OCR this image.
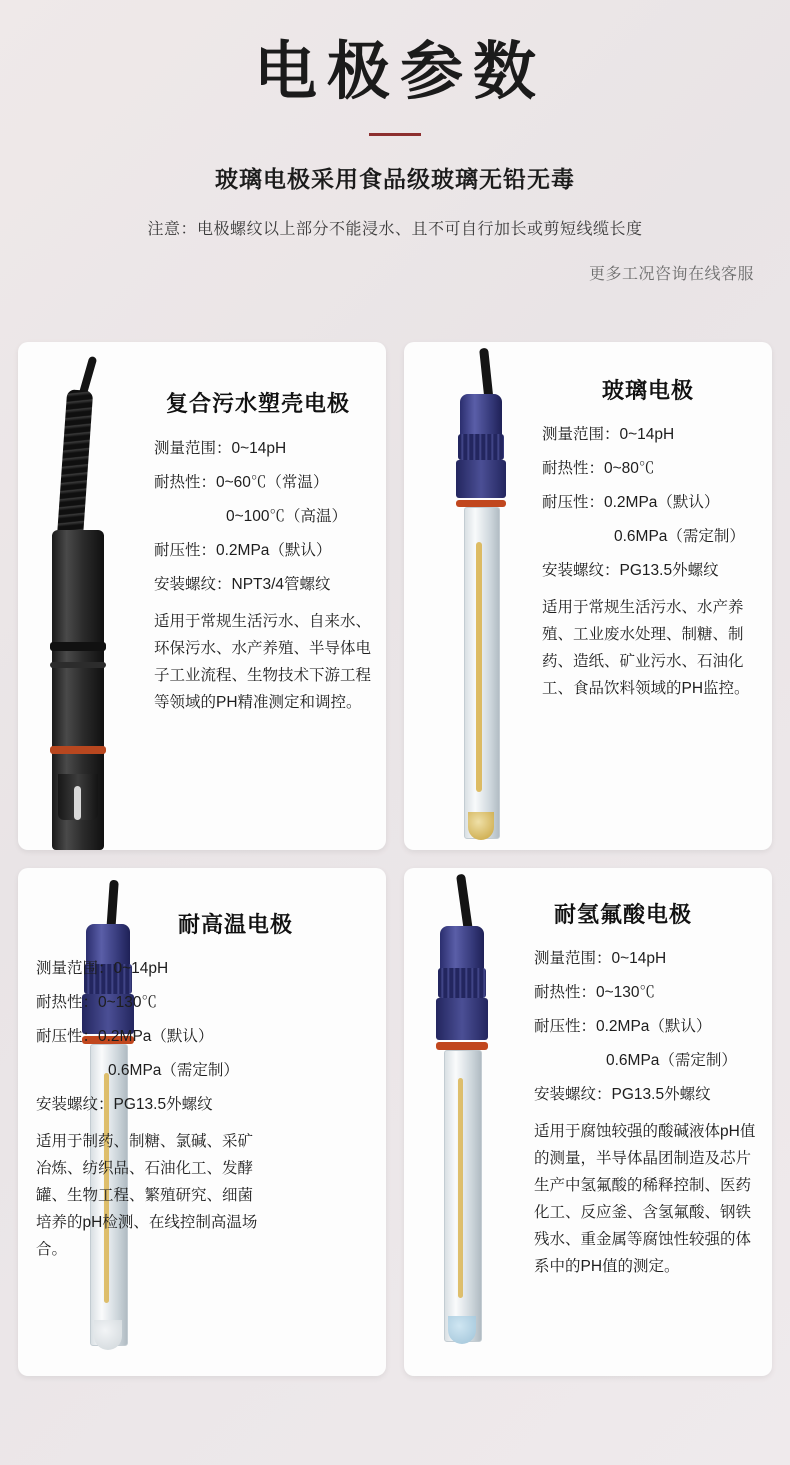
电极参数
玻璃电极采用食品级玻璃无铅无毒
注意：电极螺纹以上部分不能浸水、且不可自行加长或剪短线缆长度
更多工况咨询在线客服
复合污水塑壳电极
测量范围：0~14pH
耐热性：0~60℃（常温）
0~100℃（高温）
耐压性：0.2MPa（默认）
安装螺纹：NPT3/4管螺纹
适用于常规生活污水、自来水、环保污水、水产养殖、半导体电子工业流程、生物技术下游工程等领域的PH精准测定和调控。
玻璃电极
测量范围：0~14pH
耐热性：0~80℃
耐压性：0.2MPa（默认）
0.6MPa（需定制）
安装螺纹：PG13.5外螺纹
适用于常规生活污水、水产养殖、工业废水处理、制糖、制药、造纸、矿业污水、石油化工、食品饮料领域的PH监控。
耐高温电极
测量范围：0~14pH
耐热性：0~130℃
耐压性：0.2MPa（默认）
0.6MPa（需定制）
安装螺纹：PG13.5外螺纹
适用于制药、制糖、氯碱、采矿冶炼、纺织品、石油化工、发酵罐、生物工程、繁殖研究、细菌培养的pH检测、在线控制高温场合。
耐氢氟酸电极
测量范围：0~14pH
耐热性：0~130℃
耐压性：0.2MPa（默认）
0.6MPa（需定制）
安装螺纹：PG13.5外螺纹
适用于腐蚀较强的酸碱液体pH值的测量，半导体晶团制造及芯片生产中氢氟酸的稀释控制、医药化工、反应釜、含氢氟酸、钢铁残水、重金属等腐蚀性较强的体系中的PH值的测定。
